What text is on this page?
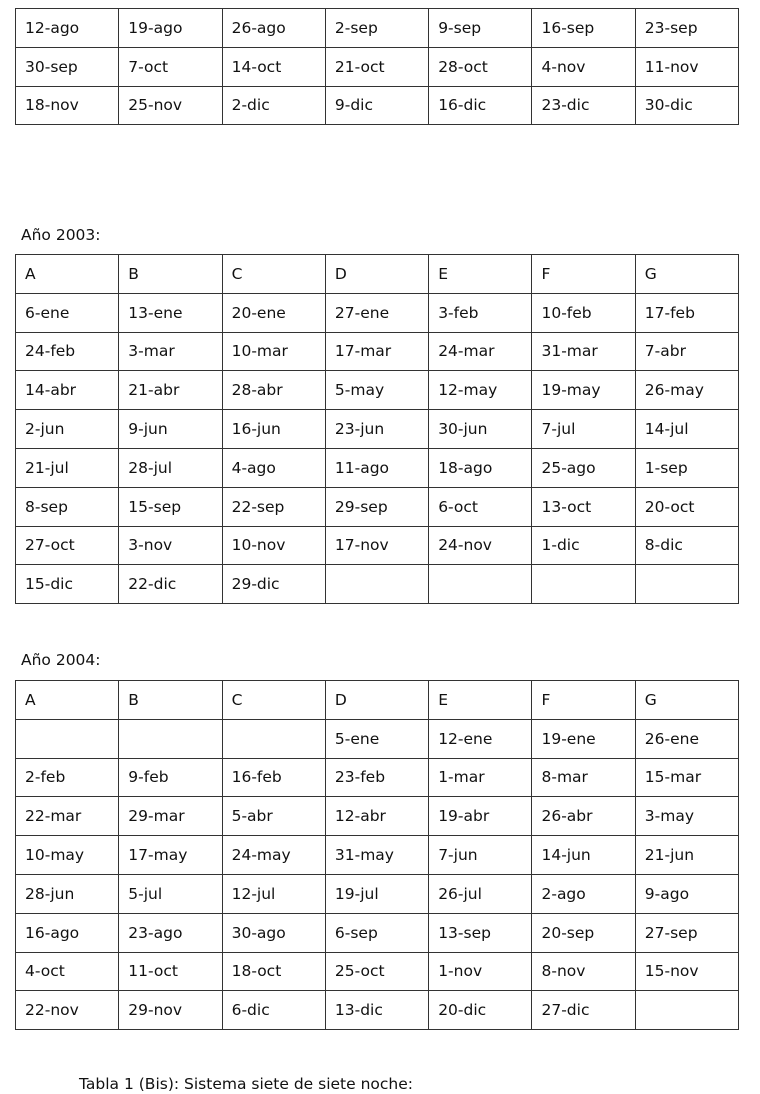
12-ago	19-ago	26-ago	2-sep	9-sep	16-sep	23-sep
30-sep	7-oct	14-oct	21-oct	28-oct	4-nov	11-nov
18-nov	25-nov	2-dic	9-dic	16-dic	23-dic	30-dic
Año 2003:
A	B	C	D	E	F	G
6-ene	13-ene	20-ene	27-ene	3-feb	10-feb	17-feb
24-feb	3-mar	10-mar	17-mar	24-mar	31-mar	7-abr
14-abr	21-abr	28-abr	5-may	12-may	19-may	26-may
2-jun	9-jun	16-jun	23-jun	30-jun	7-jul	14-jul
21-jul	28-jul	4-ago	11-ago	18-ago	25-ago	1-sep
8-sep	15-sep	22-sep	29-sep	6-oct	13-oct	20-oct
27-oct	3-nov	10-nov	17-nov	24-nov	1-dic	8-dic
15-dic	22-dic	29-dic				
Año 2004:
A	B	C	D	E	F	G
			5-ene	12-ene	19-ene	26-ene
2-feb	9-feb	16-feb	23-feb	1-mar	8-mar	15-mar
22-mar	29-mar	5-abr	12-abr	19-abr	26-abr	3-may
10-may	17-may	24-may	31-may	7-jun	14-jun	21-jun
28-jun	5-jul	12-jul	19-jul	26-jul	2-ago	9-ago
16-ago	23-ago	30-ago	6-sep	13-sep	20-sep	27-sep
4-oct	11-oct	18-oct	25-oct	1-nov	8-nov	15-nov
22-nov	29-nov	6-dic	13-dic	20-dic	27-dic	
Tabla 1 (Bis): Sistema siete de siete noche:
